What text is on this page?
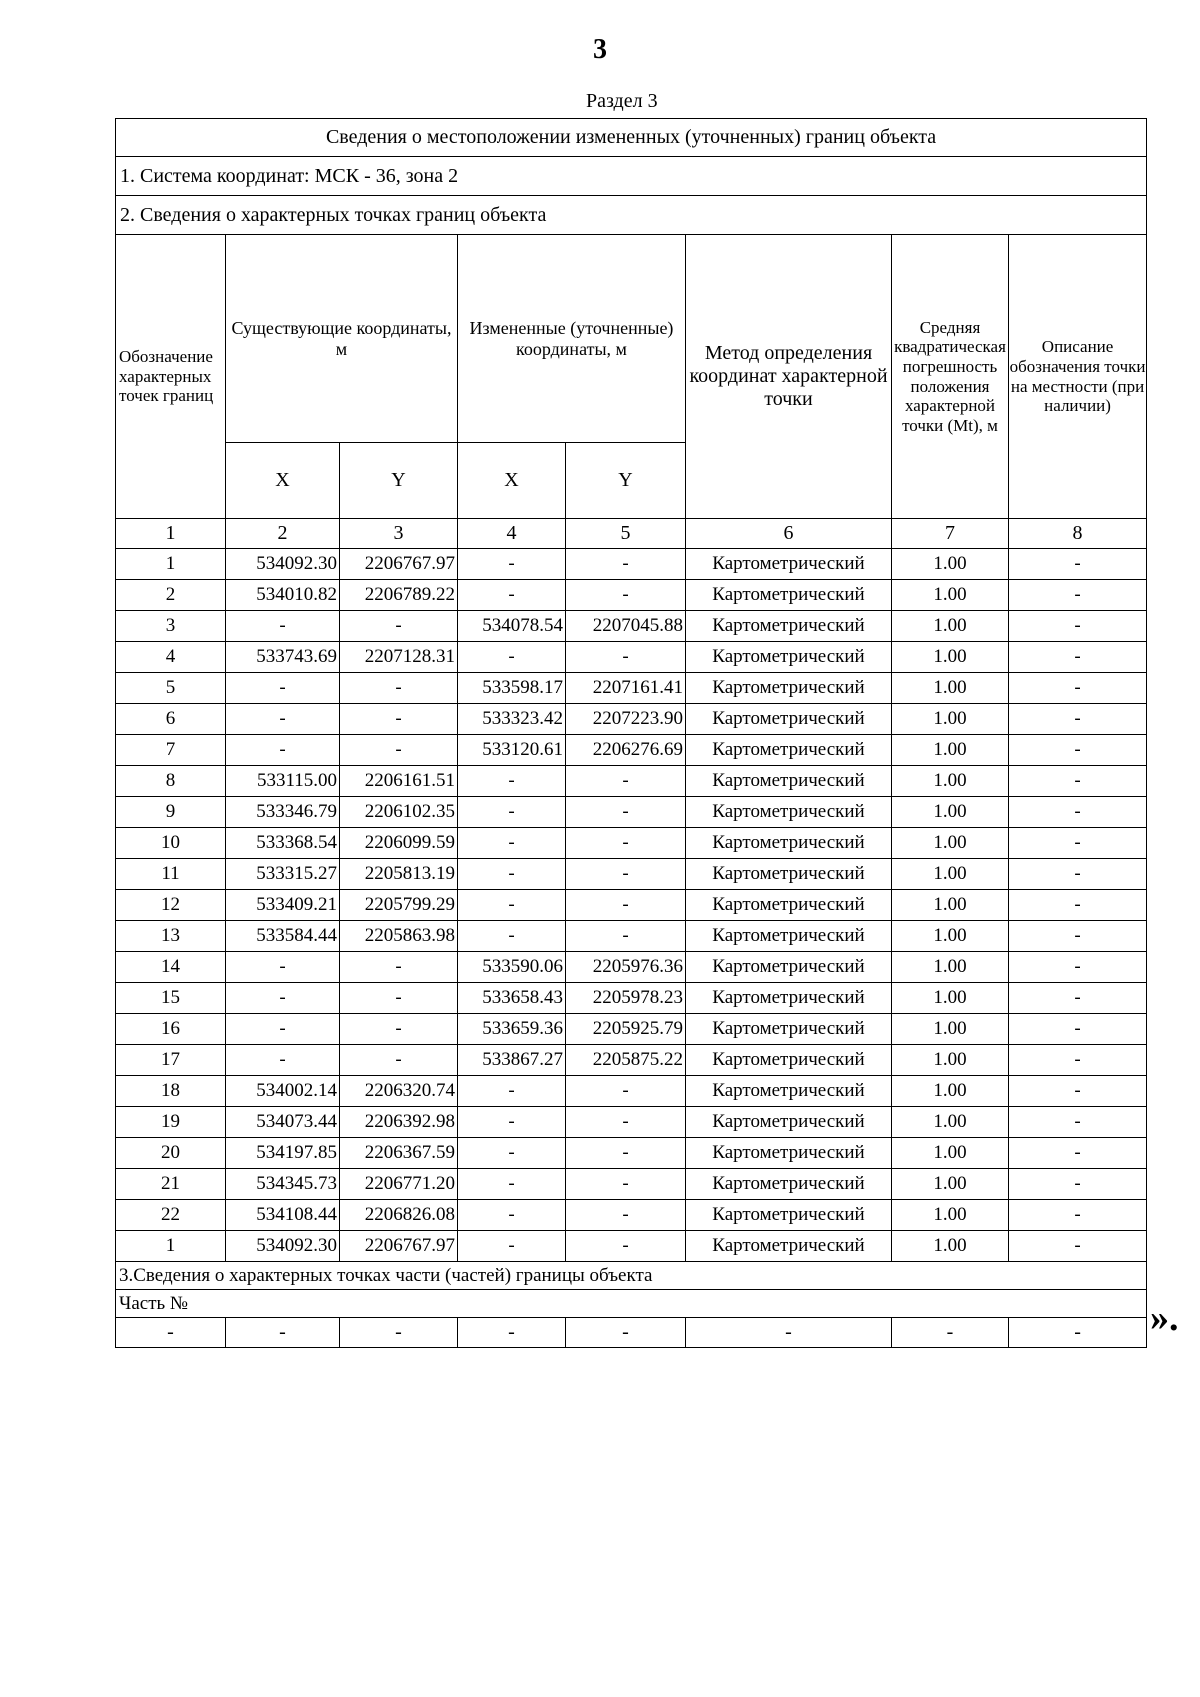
3
Раздел 3
Сведения о местоположении измененных (уточненных) границ объекта							
1. Система координат: МСК - 36, зона 2							
2. Сведения о характерных точках границ объекта							
Обозначение характерных точек границ	Существующие координаты, м		Измененные (уточненные) координаты, м		Метод определения координат характерной точки	Средняя квадратическая погрешность положения характерной точки (Mt), м	Описание обозначения точки на местности (при наличии)
	X	Y	X	Y			
1	2	3	4	5	6	7	8
1	534092.30	2206767.97	-	-	Картометрический	1.00	-
2	534010.82	2206789.22	-	-	Картометрический	1.00	-
3	-	-	534078.54	2207045.88	Картометрический	1.00	-
4	533743.69	2207128.31	-	-	Картометрический	1.00	-
5	-	-	533598.17	2207161.41	Картометрический	1.00	-
6	-	-	533323.42	2207223.90	Картометрический	1.00	-
7	-	-	533120.61	2206276.69	Картометрический	1.00	-
8	533115.00	2206161.51	-	-	Картометрический	1.00	-
9	533346.79	2206102.35	-	-	Картометрический	1.00	-
10	533368.54	2206099.59	-	-	Картометрический	1.00	-
11	533315.27	2205813.19	-	-	Картометрический	1.00	-
12	533409.21	2205799.29	-	-	Картометрический	1.00	-
13	533584.44	2205863.98	-	-	Картометрический	1.00	-
14	-	-	533590.06	2205976.36	Картометрический	1.00	-
15	-	-	533658.43	2205978.23	Картометрический	1.00	-
16	-	-	533659.36	2205925.79	Картометрический	1.00	-
17	-	-	533867.27	2205875.22	Картометрический	1.00	-
18	534002.14	2206320.74	-	-	Картометрический	1.00	-
19	534073.44	2206392.98	-	-	Картометрический	1.00	-
20	534197.85	2206367.59	-	-	Картометрический	1.00	-
21	534345.73	2206771.20	-	-	Картометрический	1.00	-
22	534108.44	2206826.08	-	-	Картометрический	1.00	-
1	534092.30	2206767.97	-	-	Картометрический	1.00	-
3.Сведения о характерных точках части (частей) границы объекта							
Часть №							
-	-	-	-	-	-	-	- ».
